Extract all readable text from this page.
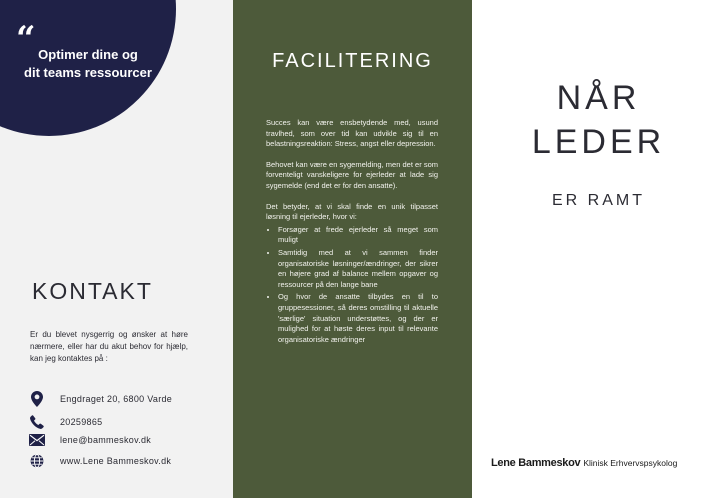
“ Optimer dine og
dit teams ressourcer
KONTAKT
Er du blevet nysgerrig og ønsker at høre nærmere, eller har du akut behov for hjælp, kan jeg kontaktes på :
Engdraget 20, 6800 Varde
20259865
lene@bammeskov.dk
www.Lene Bammeskov.dk
FACILITERING

Succes kan være ensbetydende med, usund travlhed, som over tid kan udvikle sig til en belastningsreaktion: Stress, angst eller depression.

Behovet kan være en sygemelding, men det er som forventeligt vanskeligere for ejerleder at lade sig sygemelde (end det er for den ansatte).

Det betyder, at vi skal finde en unik tilpasset løsning til ejerleder, hvor vi:

• Forsøger at frede ejerleder så meget som muligt
• Samtidig med at vi sammen finder organisatoriske løsninger/ændringer, der sikrer en højere grad af balance mellem opgaver og ressourcer på den lange bane
• Og hvor de ansatte tilbydes en til to gruppesessioner, så deres omstilling til aktuelle 'særlige' situation understøttes, og der er mulighed for at høste deres input til relevante organisatoriske ændringer
NÅR
LEDER
ER RAMT
Lene Bammeskov Klinisk Erhvervspsykolog
